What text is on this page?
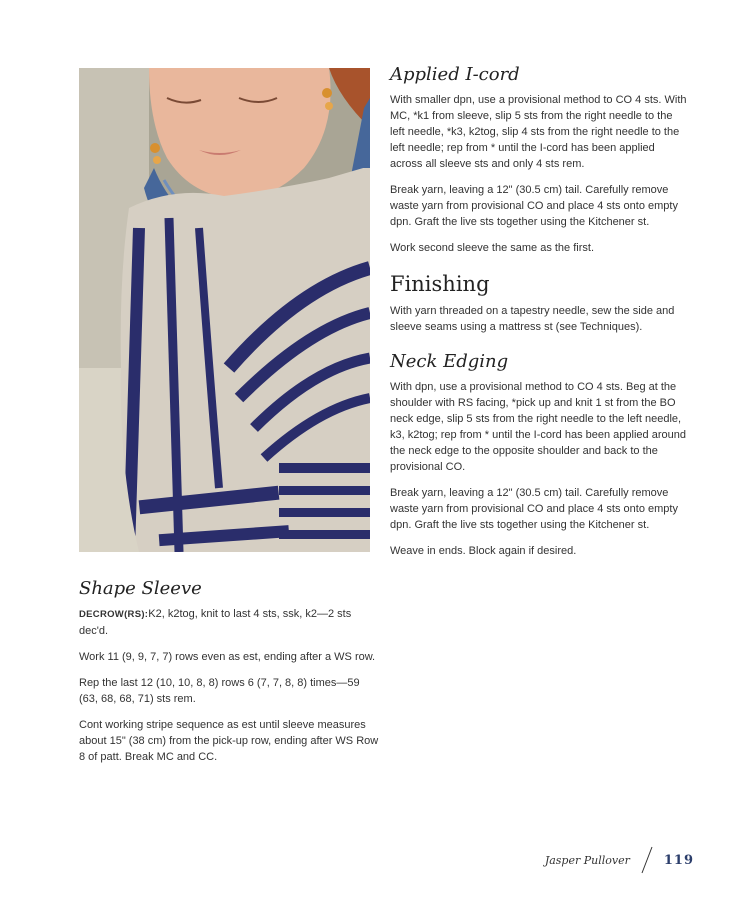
Applied I-cord

With smaller dpn, use a provisional method to CO 4 sts. With MC, *k1 from sleeve, slip 5 sts from the right needle to the left needle, *k3, k2tog, slip 4 sts from the right needle to the left needle; rep from * until the I-cord has been applied across all sleeve sts and only 4 sts rem.

Break yarn, leaving a 12" (30.5 cm) tail. Carefully remove waste yarn from provisional CO and place 4 sts onto empty dpn. Graft the live sts together using the Kitchener st.

Work second sleeve the same as the first.

Finishing

With yarn threaded on a tapestry needle, sew the side and sleeve seams using a mattress st (see Techniques).

Neck Edging

With dpn, use a provisional method to CO 4 sts. Beg at the shoulder with RS facing, *pick up and knit 1 st from the BO neck edge, slip 5 sts from the right needle to the left needle, k3, k2tog; rep from * until the I-cord has been applied around the neck edge to the opposite shoulder and back to the provisional CO.

Break yarn, leaving a 12" (30.5 cm) tail. Carefully remove waste yarn from provisional CO and place 4 sts onto empty dpn. Graft the live sts together using the Kitchener st.

Weave in ends. Block again if desired.

Shape Sleeve

DECROW(RS):K2, k2tog, knit to last 4 sts, ssk, k2—2 sts dec'd.

Work 11 (9, 9, 7, 7) rows even as est, ending after a WS row.

Rep the last 12 (10, 10, 8, 8) rows 6 (7, 7, 8, 8) times—59 (63, 68, 68, 71) sts rem.

Cont working stripe sequence as est until sleeve measures about 15" (38 cm) from the pick-up row, ending after WS Row 8 of patt. Break MC and CC.

Jasper Pullover	119
